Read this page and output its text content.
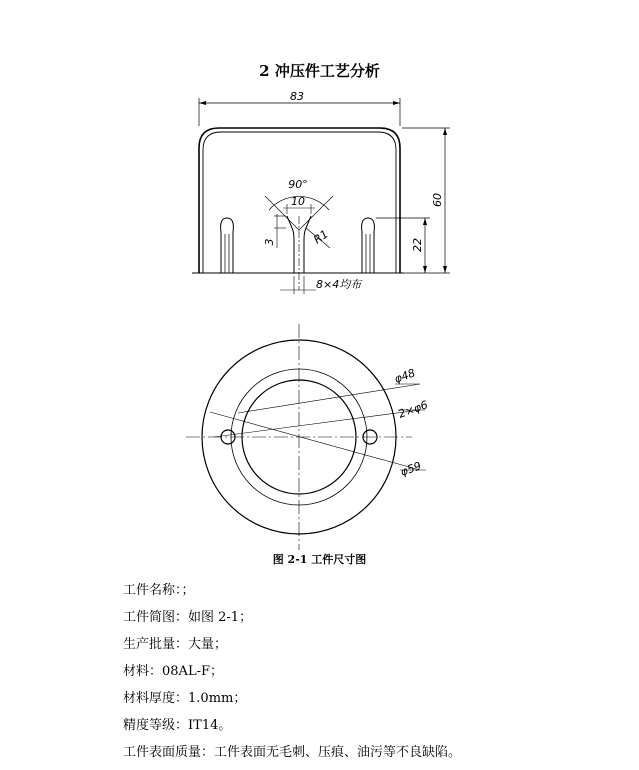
2 冲压件工艺分析
83
60
22
90°
10
3	R1
8×4均布
φ48
2×φ6
φ59
图 2-1 工件尺寸图
工件名称：；
工件简图：如图 2-1；
生产批量：大量；
材料：08AL-F；
材料厚度：1.0mm；
精度等级：IT14。
工件表面质量：工件表面无毛刺、压痕、油污等不良缺陷。
